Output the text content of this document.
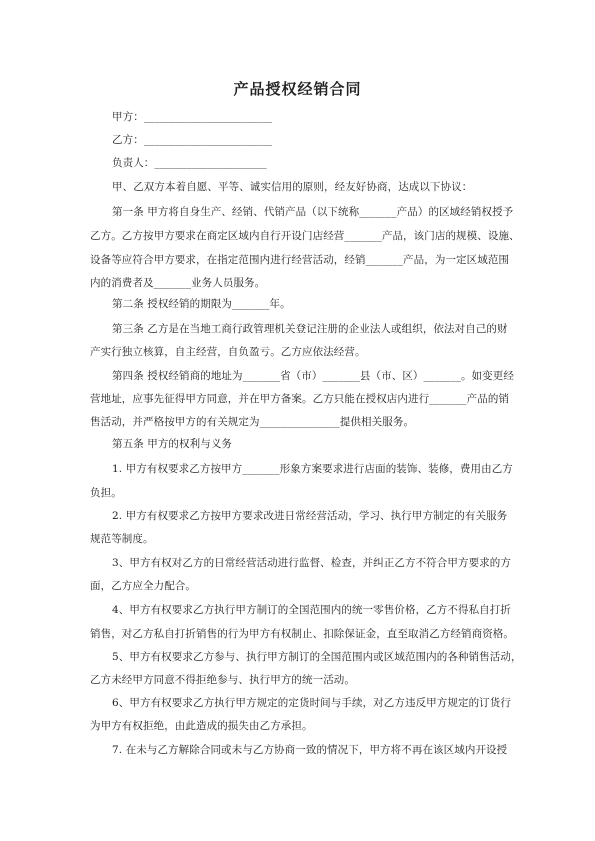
产品授权经销合同
甲方：________________________
乙方：________________________
负责人：_____________________
甲、乙双方本着自愿、平等、诚实信用的原则，经友好协商，达成以下协议：
第一条 甲方将自身生产、经销、代销产品（以下统称_______产品）的区域经销权授予
乙方。乙方按甲方要求在商定区域内自行开设门店经营_______产品，该门店的规模、设施、
设备等应符合甲方要求，在指定范围内进行经营活动，经销_______产品，为一定区域范围
内的消费者及_______业务人员服务。
第二条 授权经销的期限为_______年。
第三条 乙方是在当地工商行政管理机关登记注册的企业法人或组织，依法对自己的财
产实行独立核算，自主经营，自负盈亏。乙方应依法经营。
第四条 授权经销商的地址为_______省（市）_______县（市、区）_______。如变更经
营地址，应事先征得甲方同意，并在甲方备案。乙方只能在授权店内进行_______产品的销
售活动，并严格按甲方的有关规定为_______________提供相关服务。
第五条 甲方的权利与义务
1. 甲方有权要求乙方按甲方_______形象方案要求进行店面的装饰、装修，费用由乙方
负担。
2. 甲方有权要求乙方按甲方要求改进日常经营活动，学习、执行甲方制定的有关服务
规范等制度。
3、甲方有权对乙方的日常经营活动进行监督、检查，并纠正乙方不符合甲方要求的方
面，乙方应全力配合。
4、甲方有权要求乙方执行甲方制订的全国范围内的统一零售价格，乙方不得私自打折
销售，对乙方私自打折销售的行为甲方有权制止、扣除保证金，直至取消乙方经销商资格。
5、甲方有权要求乙方参与、执行甲方制订的全国范围内或区域范围内的各种销售活动，
乙方未经甲方同意不得拒绝参与、执行甲方的统一活动。
6、甲方有权要求乙方执行甲方规定的定货时间与手续，对乙方违反甲方规定的订货行
为甲方有权拒绝，由此造成的损失由乙方承担。
7. 在未与乙方解除合同或未与乙方协商一致的情况下，甲方将不再在该区域内开设授
